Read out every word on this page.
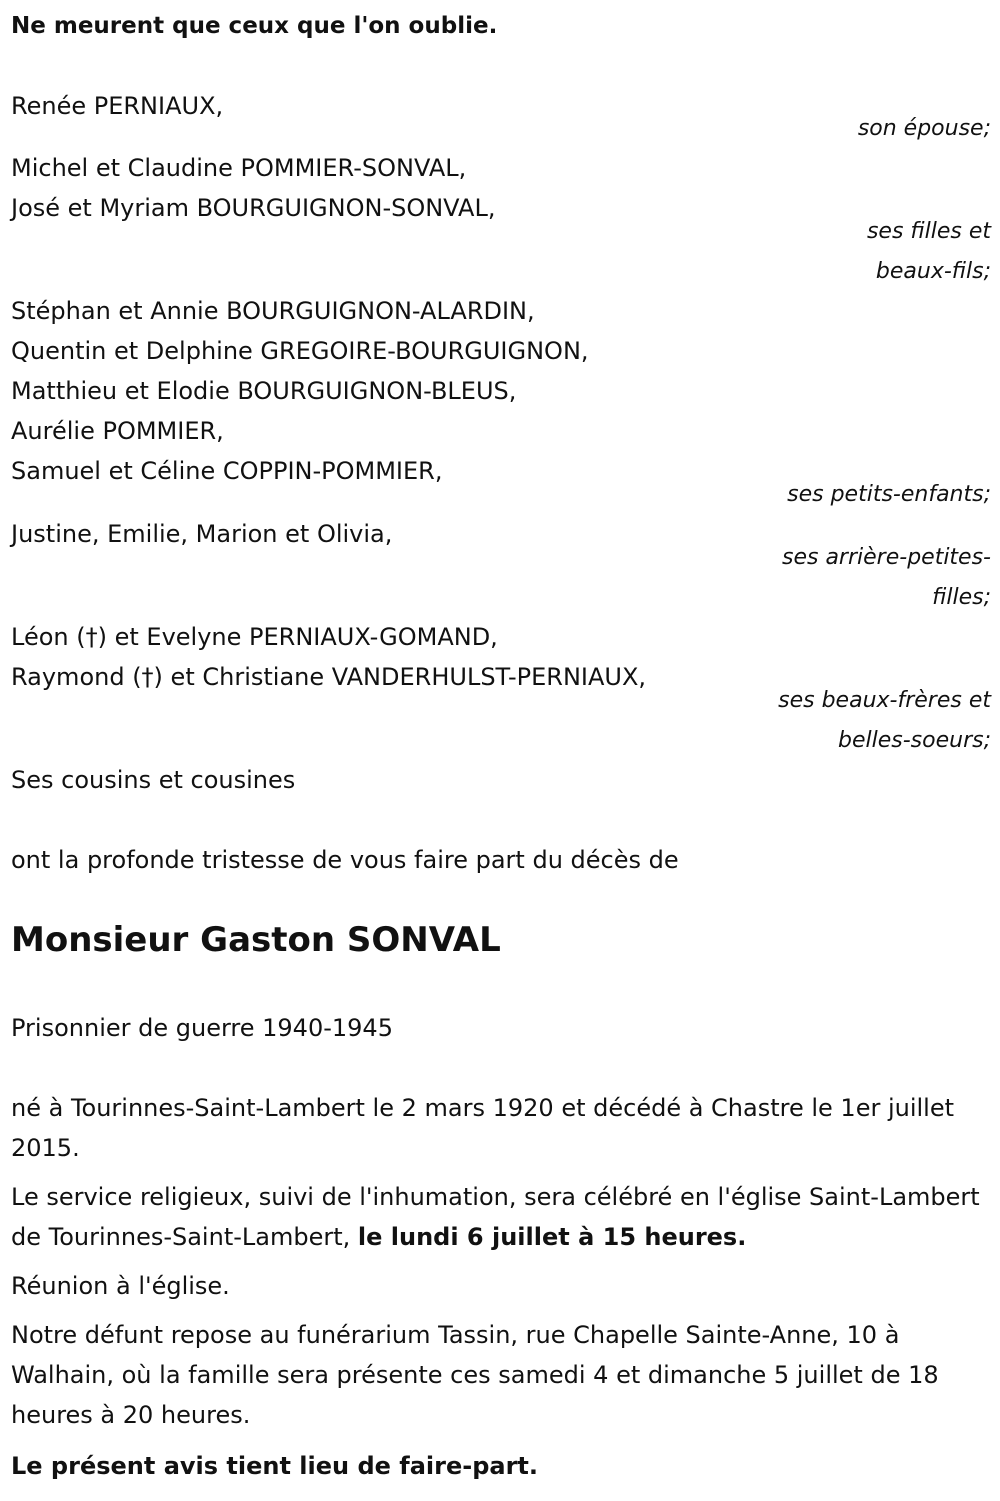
Ne meurent que ceux que l'on oublie.
Renée PERNIAUX,
son épouse;
Michel et Claudine POMMIER-SONVAL,
José et Myriam BOURGUIGNON-SONVAL,
ses filles et
beaux-fils;
Stéphan et Annie BOURGUIGNON-ALARDIN,
Quentin et Delphine GREGOIRE-BOURGUIGNON,
Matthieu et Elodie BOURGUIGNON-BLEUS,
Aurélie POMMIER,
Samuel et Céline COPPIN-POMMIER,
ses petits-enfants;
Justine, Emilie, Marion et Olivia,
ses arrière-petites-
filles;
Léon (†) et Evelyne PERNIAUX-GOMAND,
Raymond (†) et Christiane VANDERHULST-PERNIAUX,
ses beaux-frères et
belles-soeurs;
Ses cousins et cousines
ont la profonde tristesse de vous faire part du décès de
Monsieur Gaston SONVAL
Prisonnier de guerre 1940-1945
né à Tourinnes-Saint-Lambert le 2 mars 1920 et décédé à Chastre le 1er juillet 2015.
Le service religieux, suivi de l'inhumation, sera célébré en l'église Saint-Lambert de Tourinnes-Saint-Lambert, le lundi 6 juillet à 15 heures.
Réunion à l'église.
Notre défunt repose au funérarium Tassin, rue Chapelle Sainte-Anne, 10 à Walhain, où la famille sera présente ces samedi 4 et dimanche 5 juillet de 18 heures à 20 heures.
Le présent avis tient lieu de faire-part.
